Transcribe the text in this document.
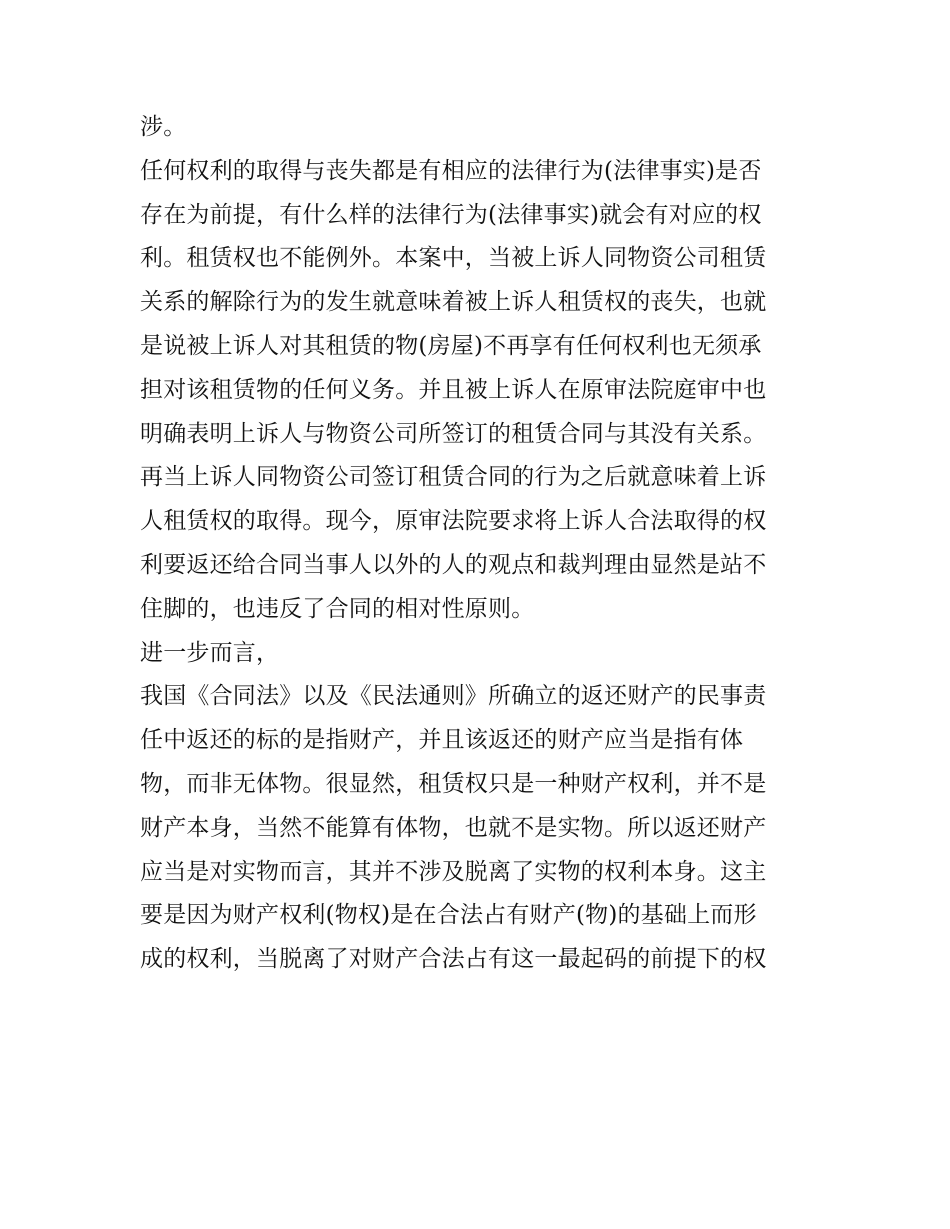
涉。
任何权利的取得与丧失都是有相应的法律行为(法律事实)是否
存在为前提，有什么样的法律行为(法律事实)就会有对应的权
利。租赁权也不能例外。本案中，当被上诉人同物资公司租赁
关系的解除行为的发生就意味着被上诉人租赁权的丧失，也就
是说被上诉人对其租赁的物(房屋)不再享有任何权利也无须承
担对该租赁物的任何义务。并且被上诉人在原审法院庭审中也
明确表明上诉人与物资公司所签订的租赁合同与其没有关系。
再当上诉人同物资公司签订租赁合同的行为之后就意味着上诉
人租赁权的取得。现今，原审法院要求将上诉人合法取得的权
利要返还给合同当事人以外的人的观点和裁判理由显然是站不
住脚的，也违反了合同的相对性原则。
进一步而言，
我国《合同法》以及《民法通则》所确立的返还财产的民事责
任中返还的标的是指财产，并且该返还的财产应当是指有体
物，而非无体物。很显然，租赁权只是一种财产权利，并不是
财产本身，当然不能算有体物，也就不是实物。所以返还财产
应当是对实物而言，其并不涉及脱离了实物的权利本身。这主
要是因为财产权利(物权)是在合法占有财产(物)的基础上而形
成的权利，当脱离了对财产合法占有这一最起码的前提下的权
